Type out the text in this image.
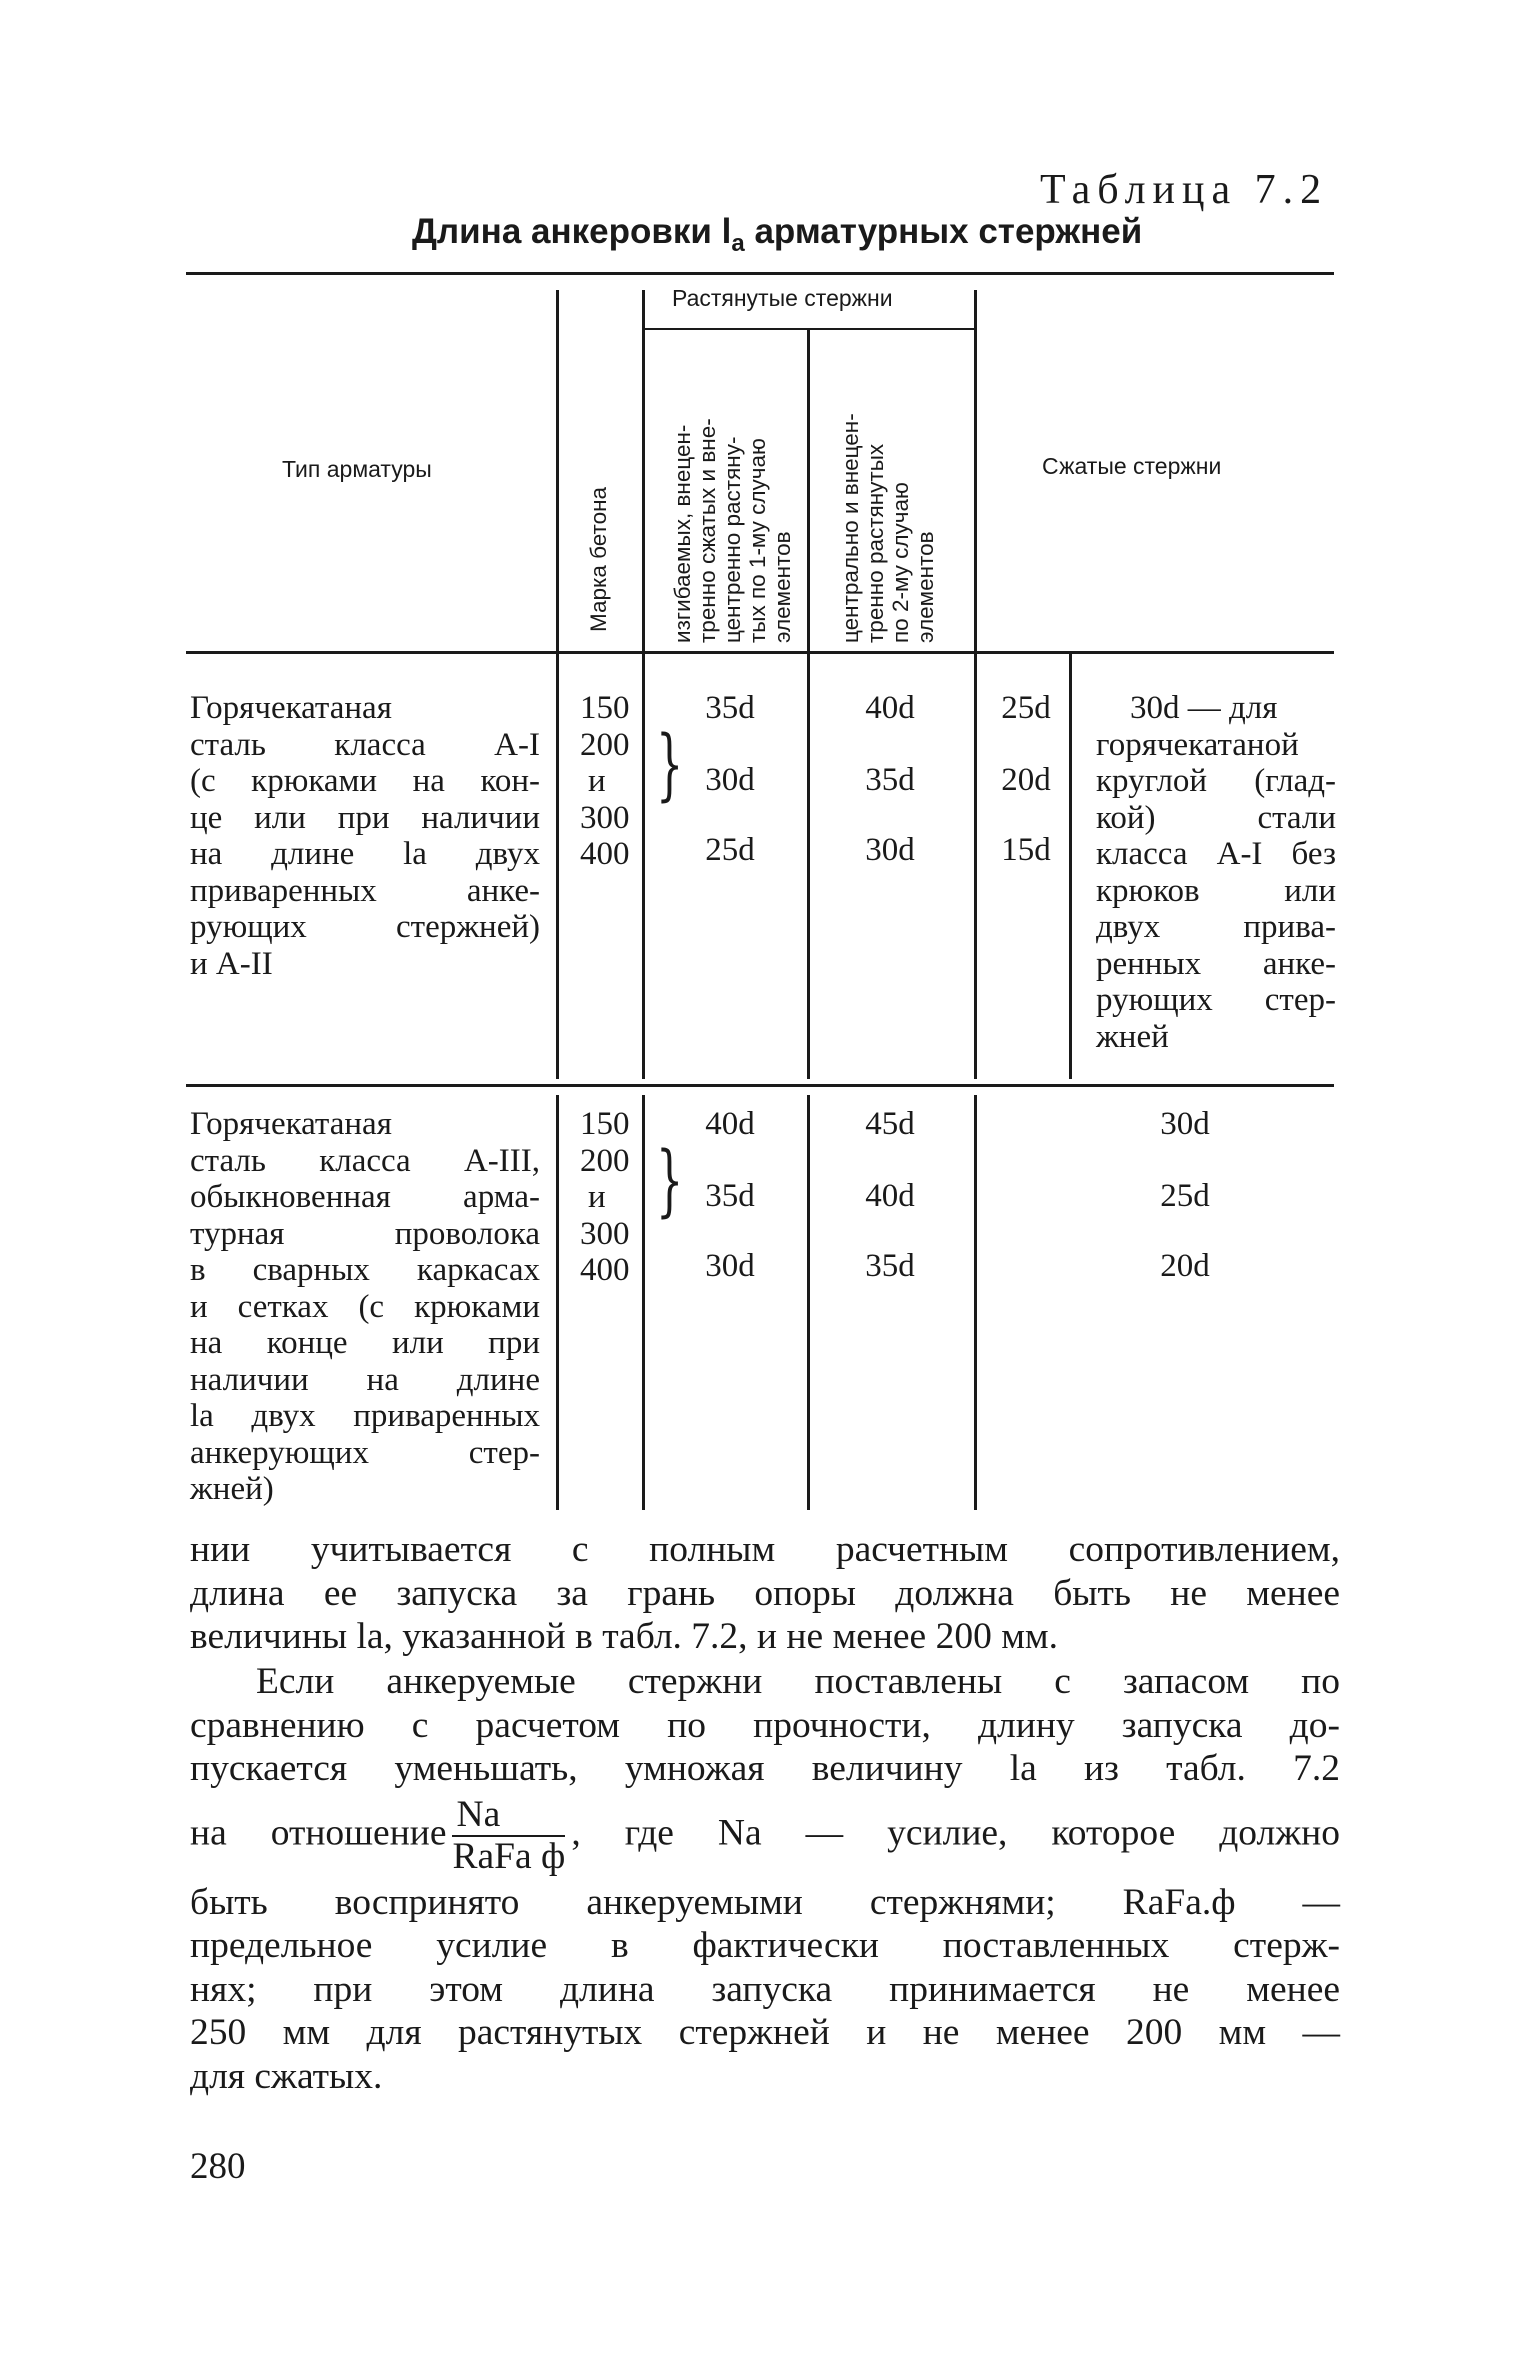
Таблица 7.2
Длина анкеровки $l_а$ арматурных стержней
Тип арматуры
Растянутые стержни
Сжатые стержни
Марка бетона	изгибаемых, внецен- тренно сжатых и вне- центренно растяну- тых по 1-му случаю элементов центрально и внецен- тренно растянутых по 2-му случаю элементов
Горячекатаная
сталь класса А-I
(с крюками на кон-
це или при наличии
на длине lа двух
приваренных анке-
рующих стержней)
и А-II
150
200
и
300
400
}
35d
30d
25d
40d
35d
30d
25d
20d
15d
30d — для
горячекатаной
круглой (глад-
кой) стали
класса А-I без
крюков или
двух прива-
ренных анке-
рующих стер-
жней
Горячекатаная
сталь класса А-III,
обыкновенная арма-
турная проволока
в сварных каркасах
и сетках (с крюками
на конце или при
наличии на длине
lа двух приваренных
анкерующих стер-
жней)
150
200
и
300
400
}
40d
35d
30d
45d
40d
35d
30d
25d
20d
нии учитывается с полным расчетным сопротивлением,
длина ее запуска за грань опоры должна быть не менее
величины lа, указанной в табл. 7.2, и не менее 200 мм.
Если анкеруемые стержни поставлены с запасом по
сравнению с расчетом по прочности, длину запуска до-
пускается уменьшать, умножая величину lа из табл. 7.2
на отношение $\frac{Nа}{\text{RаFа ф}}$ , где Nа — усилие, которое должно
быть воспринято анкеруемыми стержнями; RаFа.ф —
предельное усилие в фактически поставленных стерж-
нях; при этом длина запуска принимается не менее
250 мм для растянутых стержней и не менее 200 мм —
для сжатых.
280
